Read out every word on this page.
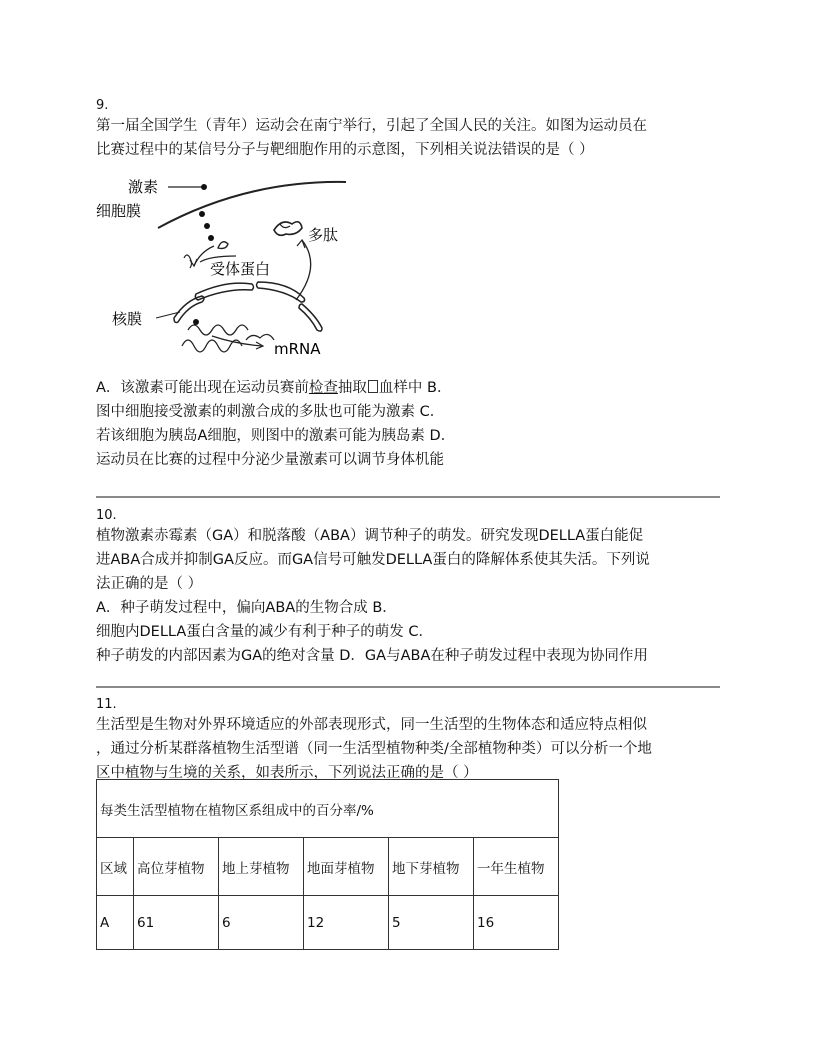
9.

第一届全国学生（青年）运动会在南宁举行，引起了全国人民的关注。如图为运动员在

比赛过程中的某信号分子与靶细胞作用的示意图，下列相关说法错误的是（ ）

激素
细胞膜
多肽
受体蛋白
核膜
mRNA

A．该激素可能出现在运动员赛前检查抽取 血样中 B．

图中细胞接受激素的刺激合成的多肽也可能为激素 C．

若该细胞为胰岛A细胞，则图中的激素可能为胰岛素 D．

运动员在比赛的过程中分泌少量激素可以调节身体机能

10.

植物激素赤霉素（GA）和脱落酸（ABA）调节种子的萌发。研究发现DELLA蛋白能促

进ABA合成并抑制GA反应。而GA信号可触发DELLA蛋白的降解体系使其失活。下列说

法正确的是（ ）

A．种子萌发过程中，偏向ABA的生物合成 B．

细胞内DELLA蛋白含量的减少有利于种子的萌发 C．

种子萌发的内部因素为GA的绝对含量 D．GA与ABA在种子萌发过程中表现为协同作用

11.

生活型是生物对外界环境适应的外部表现形式，同一生活型的生物体态和适应特点相似

，通过分析某群落植物生活型谱（同一生活型植物种类/全部植物种类）可以分析一个地

区中植物与生境的关系，如表所示，下列说法正确的是（ ）

每类生活型植物在植物区系组成中的百分率/%					
区域	高位芽植物	地上芽植物	地面芽植物	地下芽植物	一年生植物
A	61	6	12	5	16
